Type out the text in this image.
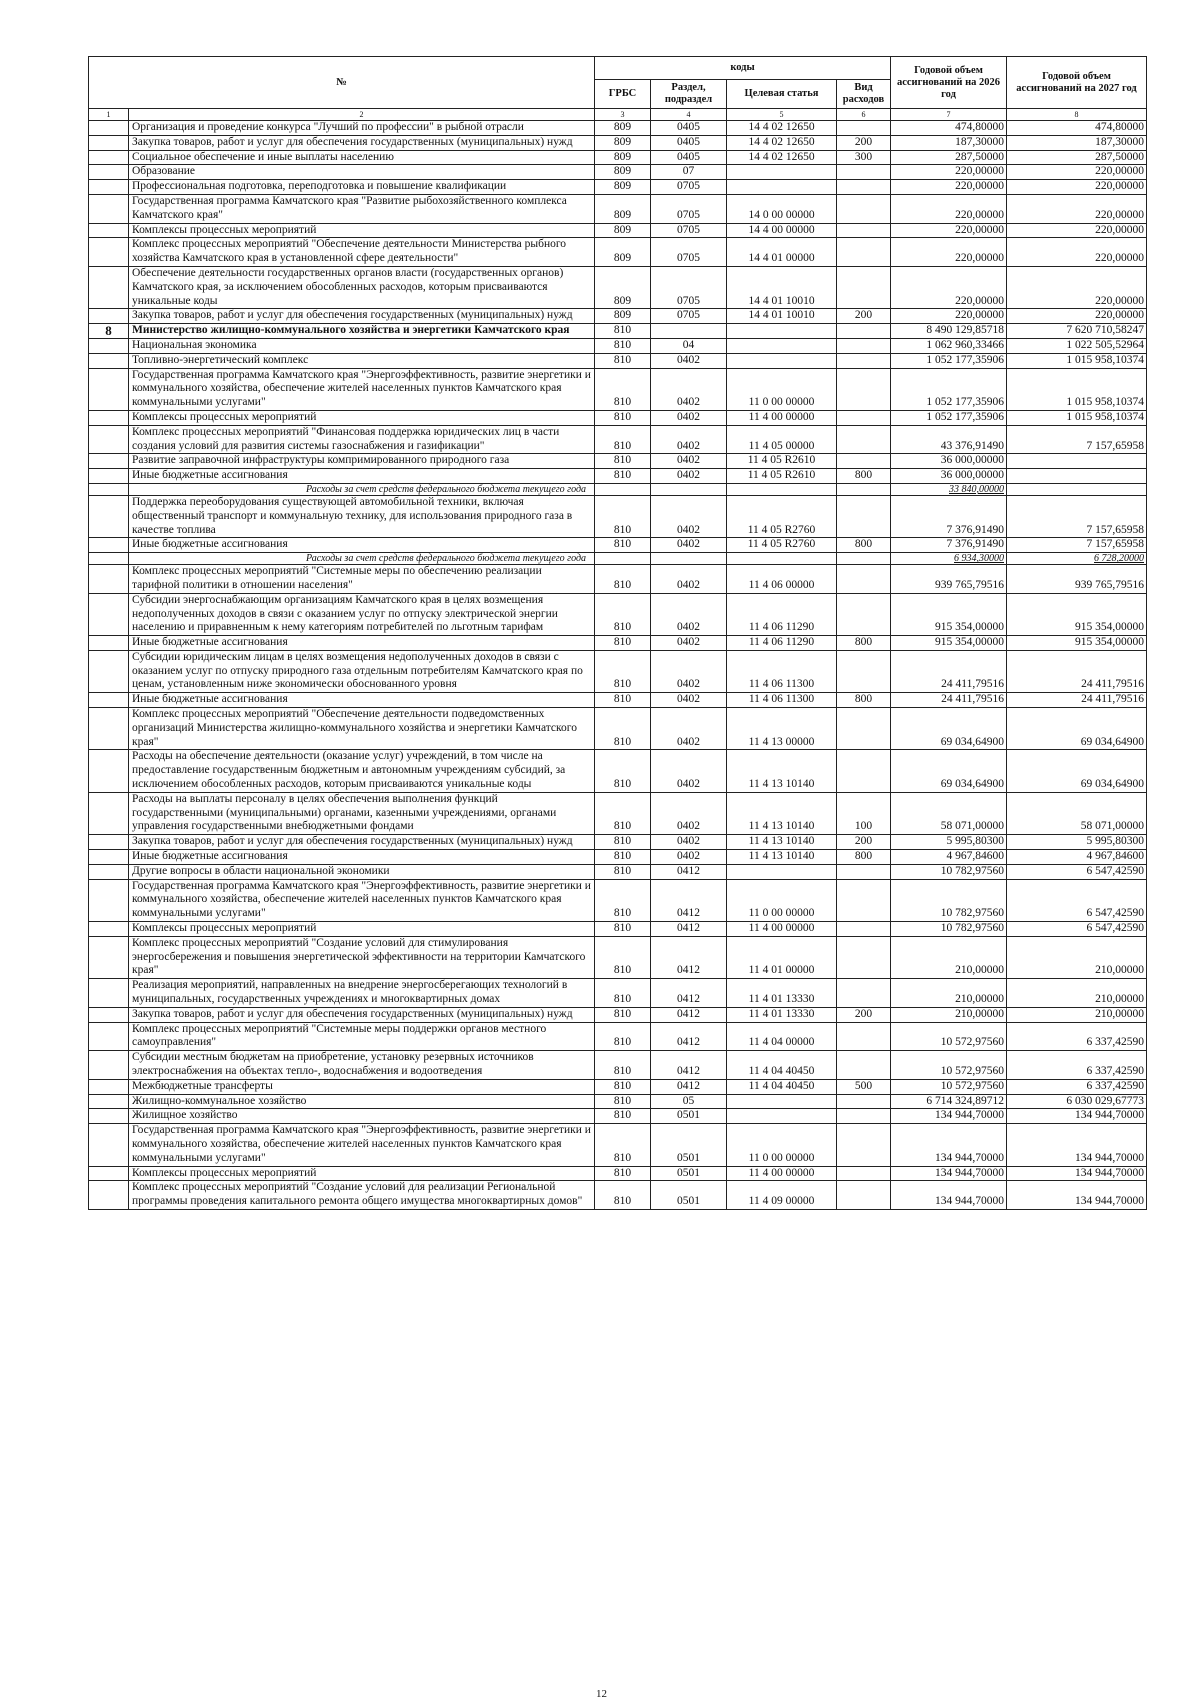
№		коды				Годовой объем ассигнований на 2026 год	Годовой объем ассигнований на 2027 год
		ГРБС	Раздел, подраздел	Целевая статья	Вид расходов		
1	2	3	4	5	6	7	8
	Организация и проведение конкурса "Лучший по профессии" в рыбной отрасли	809	0405	14 4 02 12650		474,80000	474,80000
	Закупка товаров, работ и услуг для обеспечения государственных (муниципальных) нужд	809	0405	14 4 02 12650	200	187,30000	187,30000
	Социальное обеспечение и иные выплаты населению	809	0405	14 4 02 12650	300	287,50000	287,50000
	Образование	809	07			220,00000	220,00000
	Профессиональная подготовка, переподготовка и повышение квалификации	809	0705			220,00000	220,00000
	Государственная программа Камчатского края "Развитие рыбохозяйственного комплекса Камчатского края"	809	0705	14 0 00 00000		220,00000	220,00000
	Комплексы процессных мероприятий	809	0705	14 4 00 00000		220,00000	220,00000
	Комплекс процессных мероприятий "Обеспечение деятельности Министерства рыбного хозяйства Камчатского края в установленной сфере деятельности"	809	0705	14 4 01 00000		220,00000	220,00000
	Обеспечение деятельности государственных органов власти (государственных органов) Камчатского края, за исключением обособленных расходов, которым присваиваются уникальные коды	809	0705	14 4 01 10010		220,00000	220,00000
	Закупка товаров, работ и услуг для обеспечения государственных (муниципальных) нужд	809	0705	14 4 01 10010	200	220,00000	220,00000
8	Министерство жилищно-коммунального хозяйства и энергетики Камчатского края	810				8 490 129,85718	7 620 710,58247
	Национальная экономика	810	04			1 062 960,33466	1 022 505,52964
	Топливно-энергетический комплекс	810	0402			1 052 177,35906	1 015 958,10374
	Государственная программа Камчатского края "Энергоэффективность, развитие энергетики и коммунального хозяйства, обеспечение жителей населенных пунктов Камчатского края коммунальными услугами"	810	0402	11 0 00 00000		1 052 177,35906	1 015 958,10374
	Комплексы процессных мероприятий	810	0402	11 4 00 00000		1 052 177,35906	1 015 958,10374
	Комплекс процессных мероприятий "Финансовая поддержка юридических лиц в части создания условий для развития системы газоснабжения и газификации"	810	0402	11 4 05 00000		43 376,91490	7 157,65958
	Развитие заправочной инфраструктуры компримированного природного газа	810	0402	11 4 05 R2610		36 000,00000	
	Иные бюджетные ассигнования	810	0402	11 4 05 R2610	800	36 000,00000	
	Расходы за счет средств федерального бюджета текущего года					33 840,00000	
	Поддержка переоборудования существующей автомобильной техники, включая общественный транспорт и коммунальную технику, для использования природного газа в качестве топлива	810	0402	11 4 05 R2760		7 376,91490	7 157,65958
	Иные бюджетные ассигнования	810	0402	11 4 05 R2760	800	7 376,91490	7 157,65958
	Расходы за счет средств федерального бюджета текущего года					6 934,30000	6 728,20000
	Комплекс процессных мероприятий "Системные меры по обеспечению реализации тарифной политики в отношении населения"	810	0402	11 4 06 00000		939 765,79516	939 765,79516
	Субсидии энергоснабжающим организациям Камчатского края в целях возмещения недополученных доходов в связи с оказанием услуг по отпуску электрической энергии населению и приравненным к нему категориям потребителей по льготным тарифам	810	0402	11 4 06 11290		915 354,00000	915 354,00000
	Иные бюджетные ассигнования	810	0402	11 4 06 11290	800	915 354,00000	915 354,00000
	Субсидии юридическим лицам в целях возмещения недополученных доходов в связи с оказанием услуг по отпуску природного газа отдельным потребителям Камчатского края по ценам, установленным ниже экономически обоснованного уровня	810	0402	11 4 06 11300		24 411,79516	24 411,79516
	Иные бюджетные ассигнования	810	0402	11 4 06 11300	800	24 411,79516	24 411,79516
	Комплекс процессных мероприятий "Обеспечение деятельности подведомственных организаций Министерства жилищно-коммунального хозяйства и энергетики Камчатского края"	810	0402	11 4 13 00000		69 034,64900	69 034,64900
	Расходы на обеспечение деятельности (оказание услуг) учреждений, в том числе на предоставление государственным бюджетным и автономным учреждениям субсидий, за исключением обособленных расходов, которым присваиваются уникальные коды	810	0402	11 4 13 10140		69 034,64900	69 034,64900
	Расходы на выплаты персоналу в целях обеспечения выполнения функций государственными (муниципальными) органами, казенными учреждениями, органами управления государственными внебюджетными фондами	810	0402	11 4 13 10140	100	58 071,00000	58 071,00000
	Закупка товаров, работ и услуг для обеспечения государственных (муниципальных) нужд	810	0402	11 4 13 10140	200	5 995,80300	5 995,80300
	Иные бюджетные ассигнования	810	0402	11 4 13 10140	800	4 967,84600	4 967,84600
	Другие вопросы в области национальной экономики	810	0412			10 782,97560	6 547,42590
	Государственная программа Камчатского края "Энергоэффективность, развитие энергетики и коммунального хозяйства, обеспечение жителей населенных пунктов Камчатского края коммунальными услугами"	810	0412	11 0 00 00000		10 782,97560	6 547,42590
	Комплексы процессных мероприятий	810	0412	11 4 00 00000		10 782,97560	6 547,42590
	Комплекс процессных мероприятий "Создание условий для стимулирования энергосбережения и повышения энергетической эффективности на территории Камчатского края"	810	0412	11 4 01 00000		210,00000	210,00000
	Реализация мероприятий, направленных на внедрение энергосберегающих технологий в муниципальных, государственных учреждениях и многоквартирных домах	810	0412	11 4 01 13330		210,00000	210,00000
	Закупка товаров, работ и услуг для обеспечения государственных (муниципальных) нужд	810	0412	11 4 01 13330	200	210,00000	210,00000
	Комплекс процессных мероприятий "Системные меры поддержки органов местного самоуправления"	810	0412	11 4 04 00000		10 572,97560	6 337,42590
	Субсидии местным бюджетам на приобретение, установку резервных источников электроснабжения на объектах тепло-, водоснабжения и водоотведения	810	0412	11 4 04 40450		10 572,97560	6 337,42590
	Межбюджетные трансферты	810	0412	11 4 04 40450	500	10 572,97560	6 337,42590
	Жилищно-коммунальное хозяйство	810	05			6 714 324,89712	6 030 029,67773
	Жилищное хозяйство	810	0501			134 944,70000	134 944,70000
	Государственная программа Камчатского края "Энергоэффективность, развитие энергетики и коммунального хозяйства, обеспечение жителей населенных пунктов Камчатского края коммунальными услугами"	810	0501	11 0 00 00000		134 944,70000	134 944,70000
	Комплексы процессных мероприятий	810	0501	11 4 00 00000		134 944,70000	134 944,70000
	Комплекс процессных мероприятий "Создание условий для реализации Региональной программы проведения капитального ремонта общего имущества многоквартирных домов"	810	0501	11 4 09 00000		134 944,70000	134 944,70000
12
